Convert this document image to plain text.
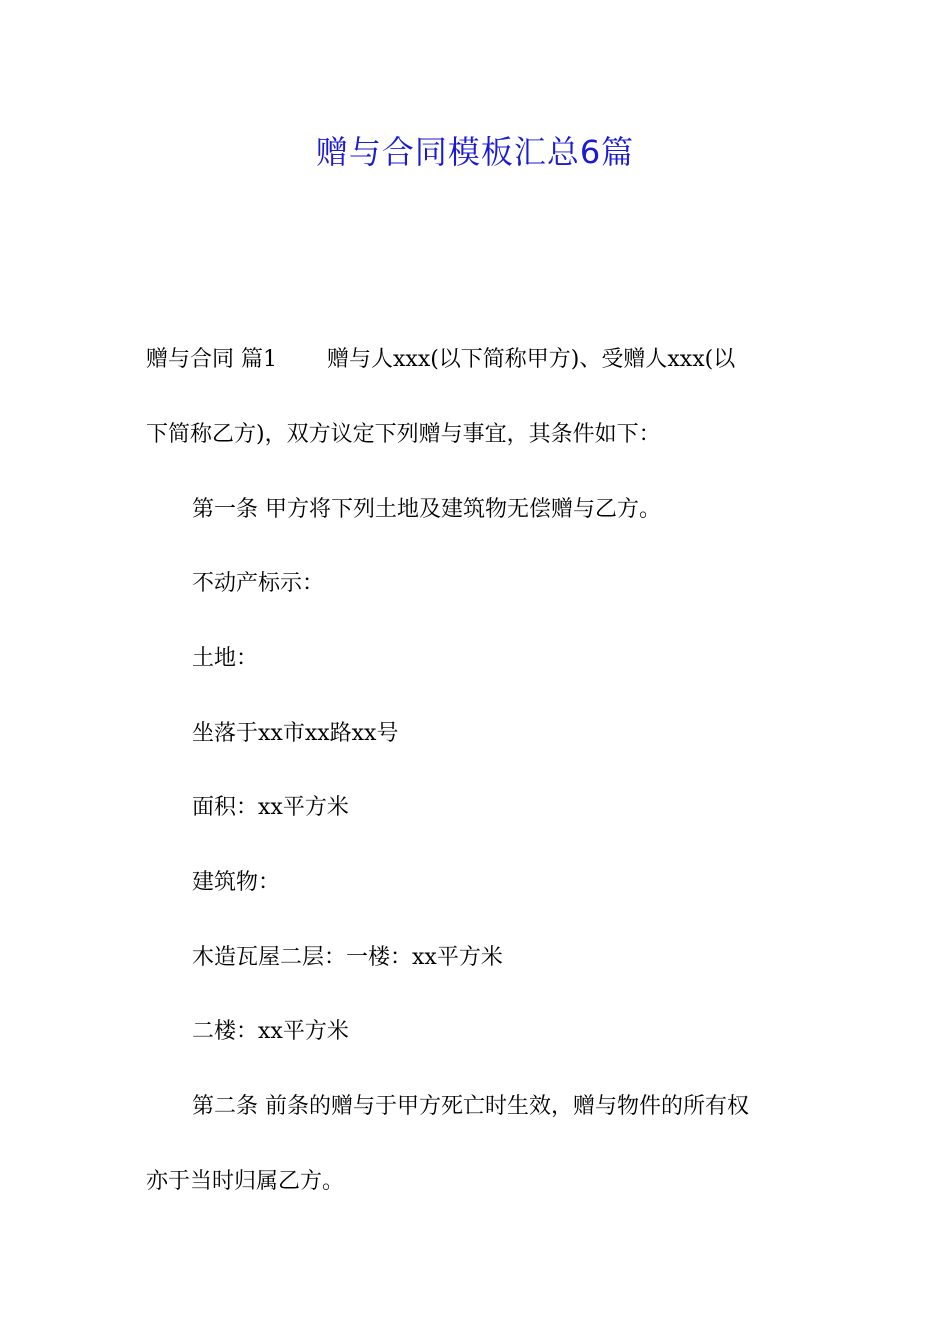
赠与合同模板汇总6篇
赠与合同 篇1 赠与人xxx(以下简称甲方)、受赠人xxx(以
下简称乙方)，双方议定下列赠与事宜，其条件如下：
第一条 甲方将下列土地及建筑物无偿赠与乙方。
不动产标示：
土地：
坐落于xx市xx路xx号
面积：xx平方米
建筑物：
木造瓦屋二层：一楼：xx平方米
二楼：xx平方米
第二条 前条的赠与于甲方死亡时生效，赠与物件的所有权
亦于当时归属乙方。
